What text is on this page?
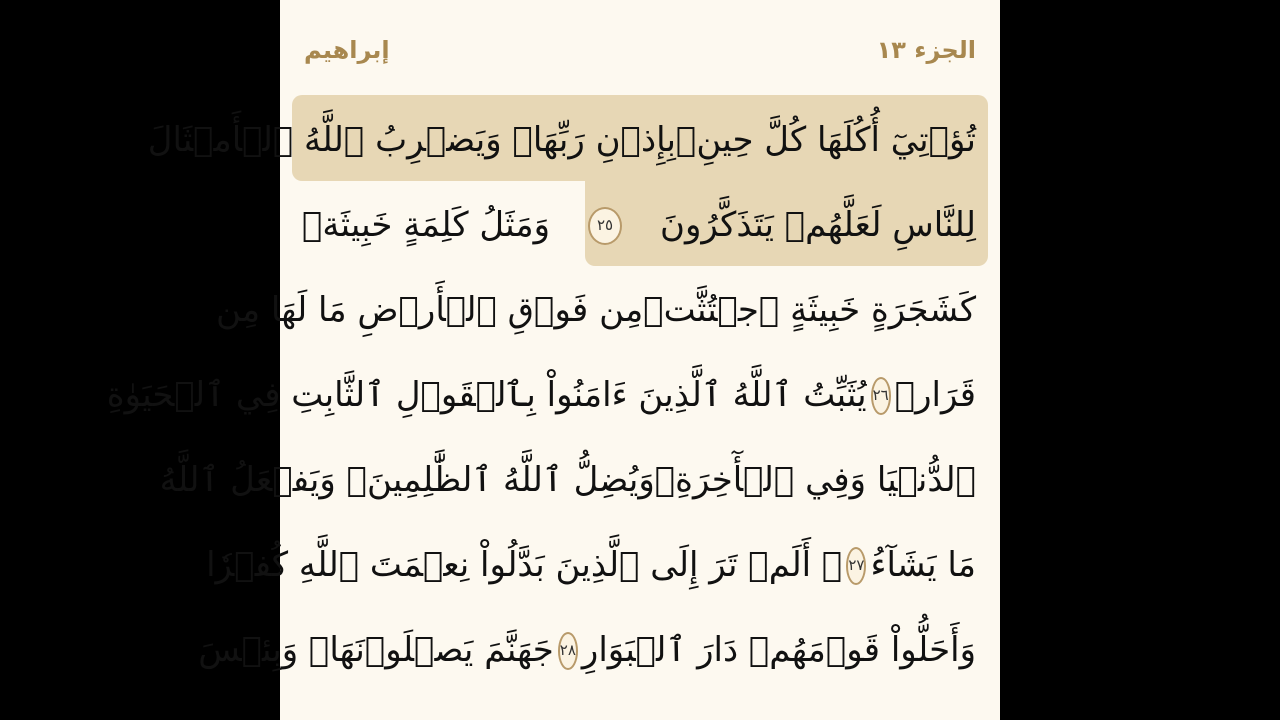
الجزء ١٣
إبراهيم
تُؤۡتِيٓ أُكُلَهَا كُلَّ حِينِۭ
بِإِذۡنِ رَبِّهَاۗ وَيَضۡرِبُ ٱللَّهُ ٱلۡأَمۡثَالَ
لِلنَّاسِ لَعَلَّهُمۡ يَتَذَكَّرُونَ
٢٥
وَمَثَلُ كَلِمَةٍ خَبِيثَةٖ
كَشَجَرَةٍ خَبِيثَةٍ ٱجۡتُثَّتۡ
مِن فَوۡقِ ٱلۡأَرۡضِ مَا لَهَا مِن
قَرَارٖ
٢٦
يُثَبِّتُ ٱللَّهُ ٱلَّذِينَ ءَامَنُواْ بِٱلۡقَوۡلِ ٱلثَّابِتِ فِي ٱلۡحَيَوٰةِ
ٱلدُّنۡيَا وَفِي ٱلۡأٓخِرَةِۖ
وَيُضِلُّ ٱللَّهُ ٱلظَّٰلِمِينَۚ وَيَفۡعَلُ ٱللَّهُ
مَا يَشَآءُ
٢٧
۞ أَلَمۡ تَرَ إِلَى ٱلَّذِينَ بَدَّلُواْ نِعۡمَتَ ٱللَّهِ كُفۡرٗا
وَأَحَلُّواْ قَوۡمَهُمۡ دَارَ ٱلۡبَوَارِ
٢٨
جَهَنَّمَ يَصۡلَوۡنَهَاۖ وَبِئۡسَ
